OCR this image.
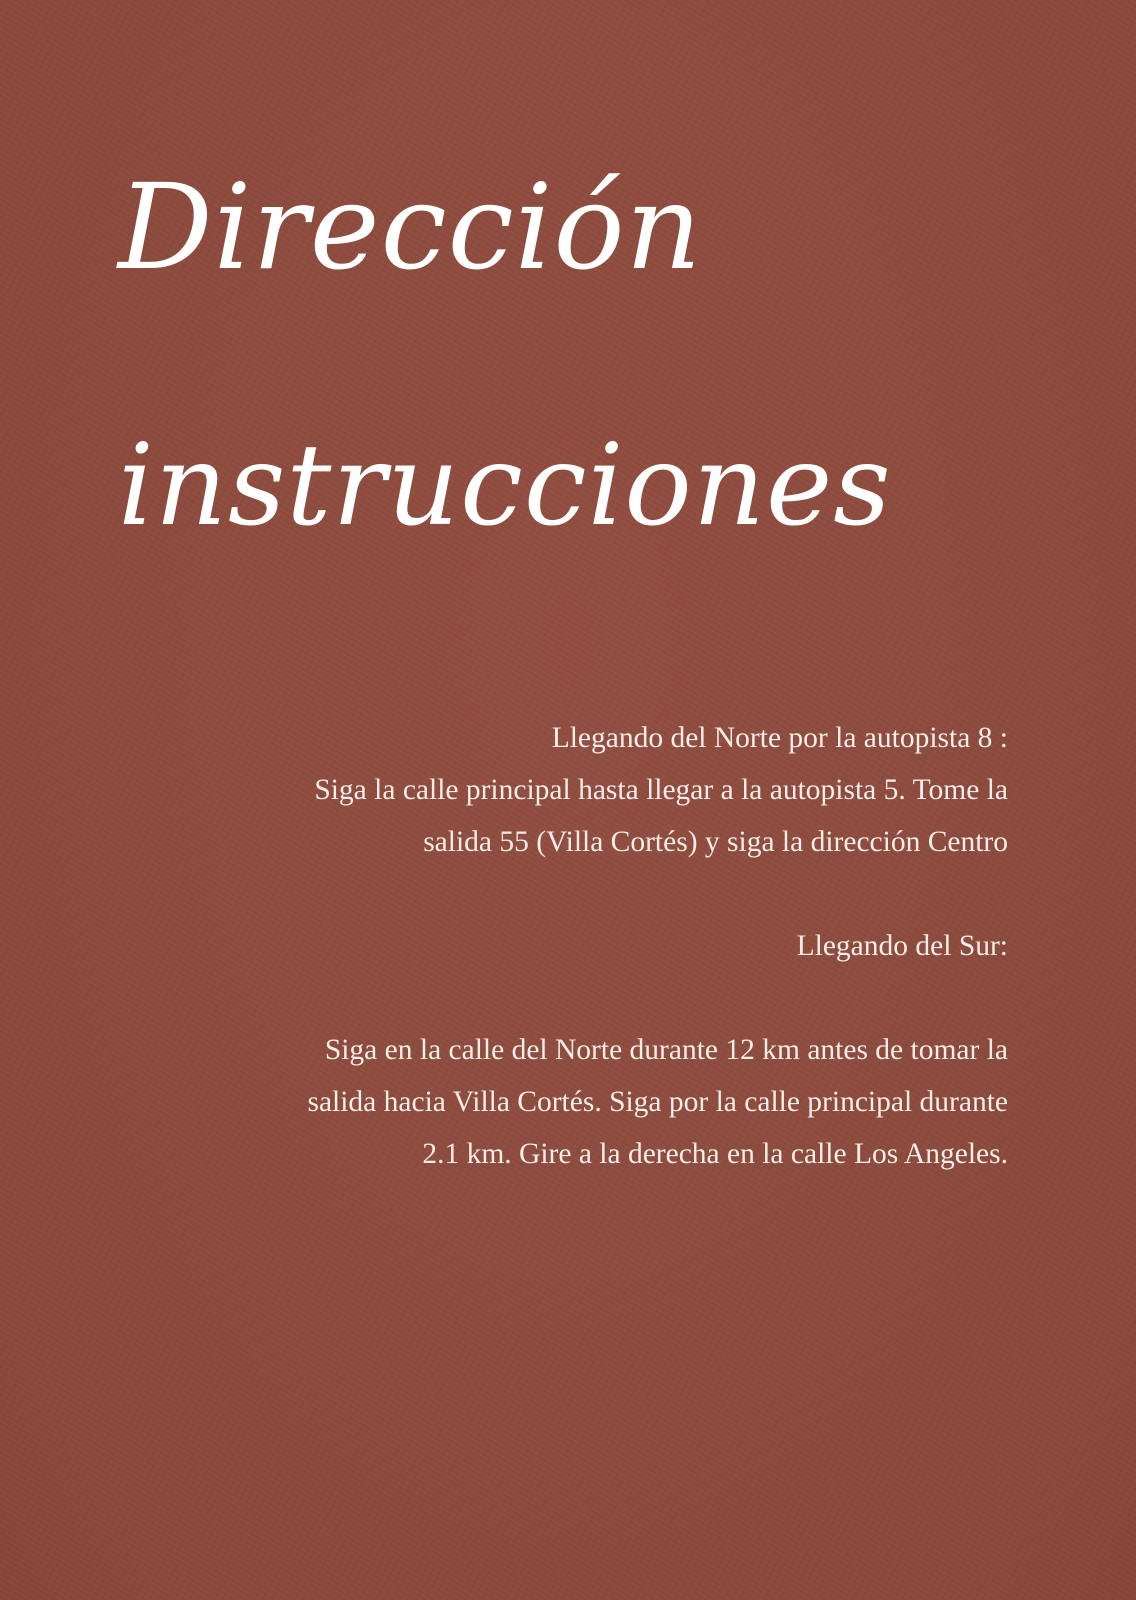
Dirección
instrucciones

Llegando del Norte por la autopista 8 :

Siga la calle principal hasta llegar a la autopista 5. Tome la
salida 55 (Villa Cortés) y siga la dirección Centro

Llegando del Sur:

Siga en la calle del Norte durante 12 km antes de tomar la
salida hacia Villa Cortés. Siga por la calle principal durante
2.1 km. Gire a la derecha en la calle Los Angeles.
